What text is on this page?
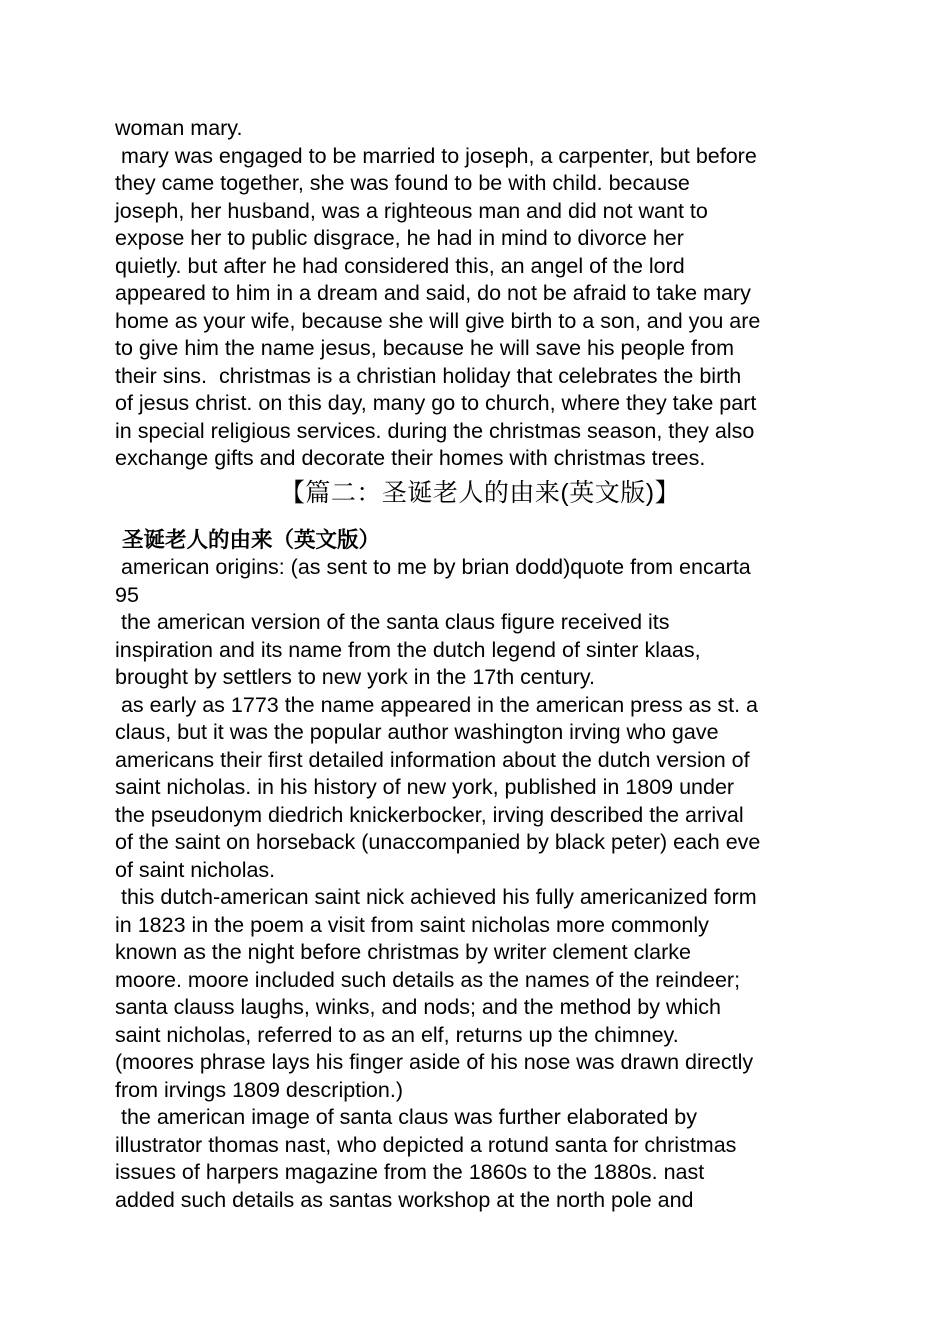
woman mary.
mary was engaged to be married to joseph, a carpenter, but before
they came together, she was found to be with child. because
joseph, her husband, was a righteous man and did not want to
expose her to public disgrace, he had in mind to divorce her
quietly. but after he had considered this, an angel of the lord
appeared to him in a dream and said, do not be afraid to take mary
home as your wife, because she will give birth to a son, and you are
to give him the name jesus, because he will save his people from
their sins.  christmas is a christian holiday that celebrates the birth
of jesus christ. on this day, many go to church, where they take part
in special religious services. during the christmas season, they also
exchange gifts and decorate their homes with christmas trees.
【篇二：圣诞老人的由来(英文版)】
圣诞老人的由来（英文版）
american origins: (as sent to me by brian dodd)quote from encarta
95
the american version of the santa claus figure received its
inspiration and its name from the dutch legend of sinter klaas,
brought by settlers to new york in the 17th century.
as early as 1773 the name appeared in the american press as st. a
claus, but it was the popular author washington irving who gave
americans their first detailed information about the dutch version of
saint nicholas. in his history of new york, published in 1809 under
the pseudonym diedrich knickerbocker, irving described the arrival
of the saint on horseback (unaccompanied by black peter) each eve
of saint nicholas.
this dutch-american saint nick achieved his fully americanized form
in 1823 in the poem a visit from saint nicholas more commonly
known as the night before christmas by writer clement clarke
moore. moore included such details as the names of the reindeer;
santa clauss laughs, winks, and nods; and the method by which
saint nicholas, referred to as an elf, returns up the chimney.
(moores phrase lays his finger aside of his nose was drawn directly
from irvings 1809 description.)
the american image of santa claus was further elaborated by
illustrator thomas nast, who depicted a rotund santa for christmas
issues of harpers magazine from the 1860s to the 1880s. nast
added such details as santas workshop at the north pole and
